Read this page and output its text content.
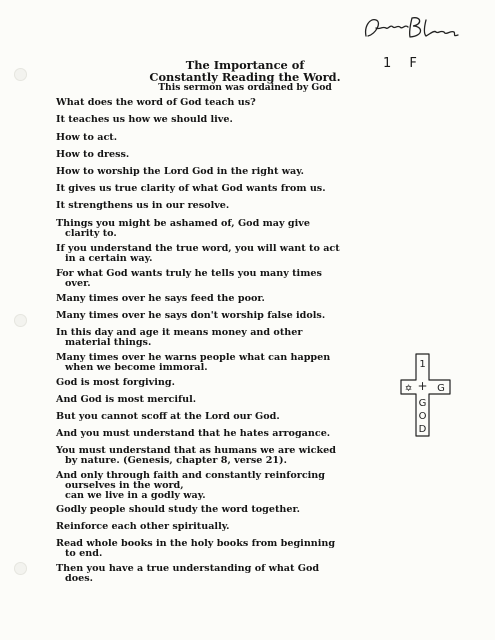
1 F
The Importance of
Constantly Reading the Word.
This sermon was ordained by God
What does the word of God teach us?
It teaches us how we should live.
How to act.
How to dress.
How to worship the Lord God in the right way.
It gives us true clarity of what God wants from us.
It strengthens us in our resolve.
Things you might be ashamed of, God may give
clarity to.
If you understand the true word, you will want to act
in a certain way.
For what God wants truly he tells you many times
over.
Many times over he says feed the poor.
Many times over he says don't worship false idols.
In this day and age it means money and other
material things.
Many times over he warns people what can happen
when we become immoral.
God is most forgiving.
And God is most merciful.
But you cannot scoff at the Lord our God.
And you must understand that he hates arrogance.
You must understand that as humans we are wicked
by nature. (Genesis, chapter 8, verse 21).
And only through faith and constantly reinforcing
ourselves in the word,
can we live in a godly way.
Godly people should study the word together.
Reinforce each other spiritually.
Read whole books in the holy books from beginning
to end.
Then you have a true understanding of what God
does.
1
+ G
✡
G
O
D
